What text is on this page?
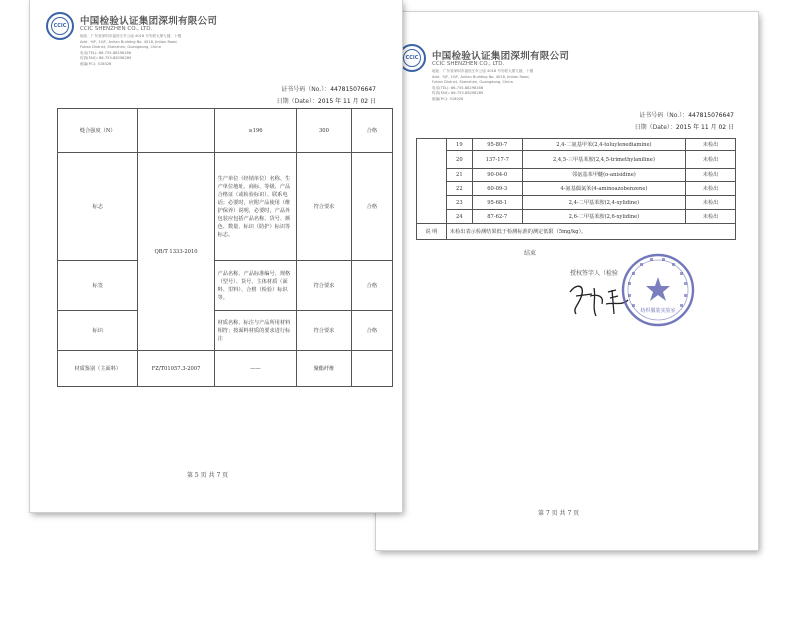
CCIC 中国检验认证集团深圳有限公司
CCIC SHENZHEN CO., LTD.
地址：广东省深圳市福田区车公庙 4018 号安联大厦九楼、十楼
Add：9/F, 10/F, Anlian Building No. 4018, Jintian Road,
Futian District, Shenzhen, Guangdong, China
电话(TEL): 86-755-88298186
传真(FAX): 86-755-88298289
邮编(P.C): 518026
证书号码（No.）：447815076647
日期（Date）：2015 年 11 月 02 日
缝合强度（N）		≥196	300	合格
标志	QB/T 1333-2010	生产单位（经销单位）名称、生产单位地址、商标、等级、产品合格证（或检验标识）、联系电话；必要时，应附产品使用（维护保养）说明，必要时，产品外包装应包括产品名称、货号、颜色、数量、标识（防护）标识等标志。	符合要求	合格
标签		产品名称、产品标准编号、规格（型号）、货号、主体材质（面料、里料）、合格（检验）标识等。	符合要求	合格
标识		材质名称、标注与产品所用材料相符；按面料材质的要求进行标注	符合要求	合格
材质鉴别（主面料）	FZ/T01057.3-2007	——	聚酯纤维	
第 5 页 共 7 页
CCIC 中国检验认证集团深圳有限公司
CCIC SHENZHEN CO., LTD.
地址：广东省深圳市福田区车公庙 4018 号安联大厦九楼、十楼
Add：9/F, 10/F, Anlian Building No. 4018, Jintian Road,
Futian District, Shenzhen, Guangdong, China
电话(TEL): 86-755-88298186
传真(FAX): 86-755-88298289
邮编(P.C): 518026
证书号码（No.）：447815076647
日期（Date）：2015 年 11 月 02 日
	19	95-80-7	2,4-二氨基甲苯(2,4-toluylenediamine)	未检出
	20	137-17-7	2,4,5-三甲基苯胺(2,4,5-trimethylaniline)	未检出
	21	90-04-0	邻氨基苯甲醚(o-anisidine)	未检出
	22	60-09-3	4-氨基偶氮苯(4-aminoazobenzene)	未检出
	23	95-68-1	2,4-二甲基苯胺(2,4-xylidine)	未检出
	24	87-62-7	2,6-二甲基苯胺(2,6-xylidine)	未检出
说 明	未检出表示检测结果低于检测标准的测定低限（5mg/kg）。			
结束
授权签字人（检验
纺织服装实验室
第 7 页 共 7 页
